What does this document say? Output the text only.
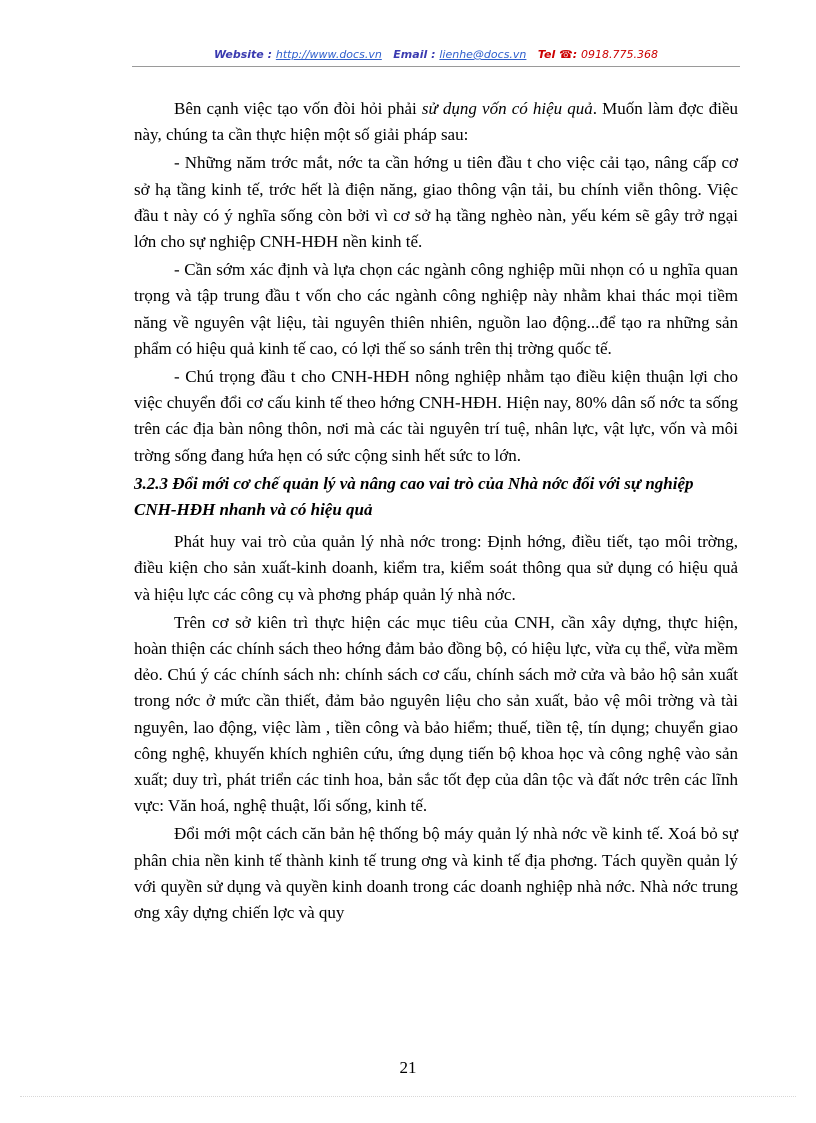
Website : http://www.docs.vn Email : lienhe@docs.vn Tel ☎: 0918.775.368

Bên cạnh việc tạo vốn đòi hỏi phải sử dụng vốn có hiệu quả. Muốn làm đợc điều này, chúng ta cần thực hiện một số giải pháp sau:

- Những năm trớc mắt, nớc ta cần hớng u tiên đầu t cho việc cải tạo, nâng cấp cơ sở hạ tầng kinh tế, trớc hết là điện năng, giao thông vận tải, bu chính viễn thông. Việc đầu t này có ý nghĩa sống còn bởi vì cơ sở hạ tầng nghèo nàn, yếu kém sẽ gây trở ngại lớn cho sự nghiệp CNH-HĐH nền kinh tế.

- Cần sớm xác định và lựa chọn các ngành công nghiệp mũi nhọn có u nghĩa quan trọng và tập trung đầu t vốn cho các ngành công nghiệp này nhằm khai thác mọi tiềm năng về nguyên vật liệu, tài nguyên thiên nhiên, nguồn lao động...để tạo ra những sản phẩm có hiệu quả kinh tế cao, có lợi thế so sánh trên thị trờng quốc tế.

- Chú trọng đầu t cho CNH-HĐH nông nghiệp nhằm tạo điều kiện thuận lợi cho việc chuyển đổi cơ cấu kinh tế theo hớng CNH-HĐH. Hiện nay, 80% dân số nớc ta sống trên các địa bàn nông thôn, nơi mà các tài nguyên trí tuệ, nhân lực, vật lực, vốn và môi trờng sống đang hứa hẹn có sức cộng sinh hết sức to lớn.

3.2.3 Đổi mới cơ chế quản lý và nâng cao vai trò của Nhà nớc đối với sự nghiệp CNH-HĐH nhanh và có hiệu quả

Phát huy vai trò của quản lý nhà nớc trong: Định hớng, điều tiết, tạo môi trờng, điều kiện cho sản xuất-kinh doanh, kiểm tra, kiểm soát thông qua sử dụng có hiệu quả và hiệu lực các công cụ và phơng pháp quản lý nhà nớc.

Trên cơ sở kiên trì thực hiện các mục tiêu của CNH, cần xây dựng, thực hiện, hoàn thiện các chính sách theo hớng đảm bảo đồng bộ, có hiệu lực, vừa cụ thể, vừa mềm dẻo. Chú ý các chính sách nh: chính sách cơ cấu, chính sách mở cửa và bảo hộ sản xuất trong nớc ở mức cần thiết, đảm bảo nguyên liệu cho sản xuất, bảo vệ môi trờng và tài nguyên, lao động, việc làm , tiền công và bảo hiểm; thuế, tiền tệ, tín dụng; chuyển giao công nghệ, khuyến khích nghiên cứu, ứng dụng tiến bộ khoa học và công nghệ vào sản xuất; duy trì, phát triển các tinh hoa, bản sắc tốt đẹp của dân tộc và đất nớc trên các lĩnh vực: Văn hoá, nghệ thuật, lối sống, kinh tế.

Đổi mới một cách căn bản hệ thống bộ máy quản lý nhà nớc về kinh tế. Xoá bỏ sự phân chia nền kinh tế thành kinh tế trung ơng và kinh tế địa phơng. Tách quyền quản lý với quyền sử dụng và quyền kinh doanh trong các doanh nghiệp nhà nớc. Nhà nớc trung ơng xây dựng chiến lợc và quy

21
